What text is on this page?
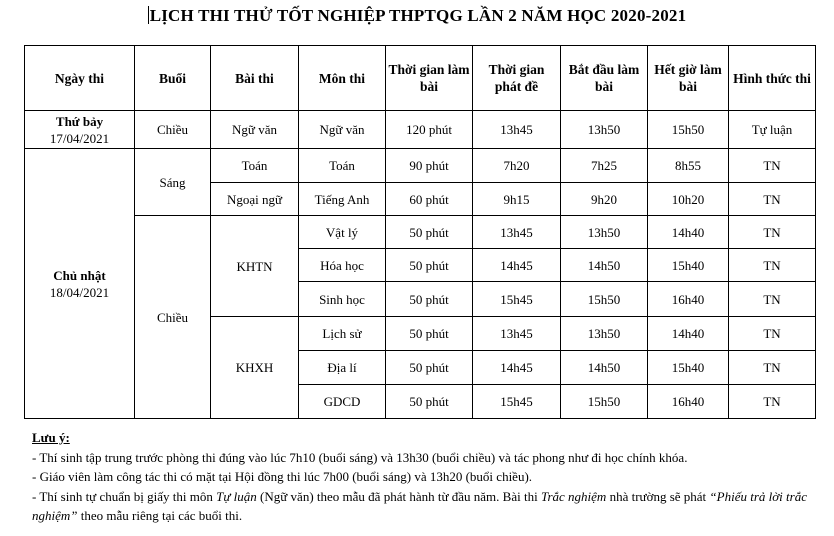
LỊCH THI THỬ TỐT NGHIỆP THPTQG LẦN 2 NĂM HỌC 2020-2021
Ngày thi	Buổi	Bài thi	Môn thi	Thời gian làm bài	Thời gian phát đề	Bắt đầu làm bài	Hết giờ làm bài	Hình thức thi

Thứ bảy
17/04/2021	Chiều	Ngữ văn	Ngữ văn	120 phút	13h45	13h50	15h50	Tự luận

Chủ nhật
18/04/2021	Sáng	Toán	Toán	90 phút	7h20	7h25	8h55	TN
		Ngoại ngữ	Tiếng Anh	60 phút	9h15	9h20	10h20	TN
	Chiều	KHTN	Vật lý	50 phút	13h45	13h50	14h40	TN
			Hóa học	50 phút	14h45	14h50	15h40	TN
			Sinh học	50 phút	15h45	15h50	16h40	TN
		KHXH	Lịch sử	50 phút	13h45	13h50	14h40	TN
			Địa lí	50 phút	14h45	14h50	15h40	TN
			GDCD	50 phút	15h45	15h50	16h40	TN

Lưu ý:

- Thí sinh tập trung trước phòng thi đúng vào lúc 7h10 (buổi sáng) và 13h30 (buổi chiều) và tác phong như đi học chính khóa.

- Giáo viên làm công tác thi có mặt tại Hội đồng thi lúc 7h00 (buổi sáng) và 13h20 (buổi chiều).

- Thí sinh tự chuẩn bị giấy thi môn Tự luận (Ngữ văn) theo mẫu đã phát hành từ đầu năm. Bài thi Trắc nghiệm nhà trường sẽ phát “Phiếu trả lời trắc nghiệm” theo mẫu riêng tại các buổi thi.
